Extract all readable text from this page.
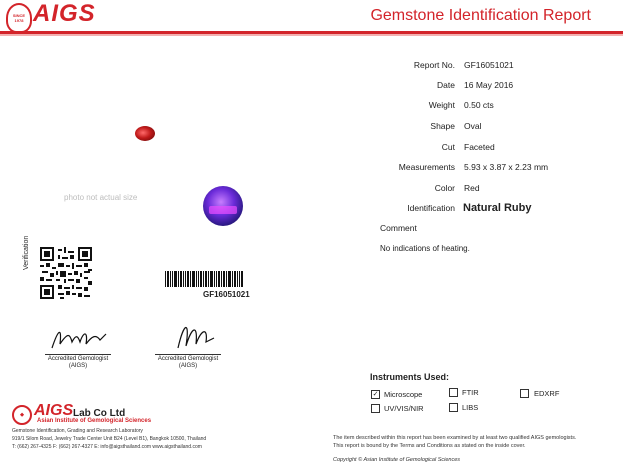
SINCE
1978 AIGS	Gemstone Identification Report
photo not actual size
Verification
GF16051021
Accredited Gemologist
(AIGS)
Accredited Gemologist
(AIGS)
Report No. GF16051021
Date 16 May 2016
Weight 0.50 cts
Shape Oval
Cut Faceted
Measurements 5.93 x 3.87 x 2.23 mm
Color Red
Identification Natural Ruby
Comment
No indications of heating.
Instruments Used:
✓ Microscope	FTIR	EDXRF
UV/VIS/NIR	LIBS
◆ AIGS Lab Co Ltd
Asian Institute of Gemological Sciences
Gemstone Identification, Grading and Research Laboratory
919/1 Silom Road, Jewelry Trade Center Unit B24 (Level B1), Bangkok 10500, Thailand
T: (662) 267-4325 F: (662) 267-4327 E: info@aigsthailand.com www.aigsthailand.com
The item described within this report has been examined by at least two qualified AIGS gemologists.
This report is bound by the Terms and Conditions as stated on the inside cover.
Copyright © Asian Institute of Gemological Sciences
